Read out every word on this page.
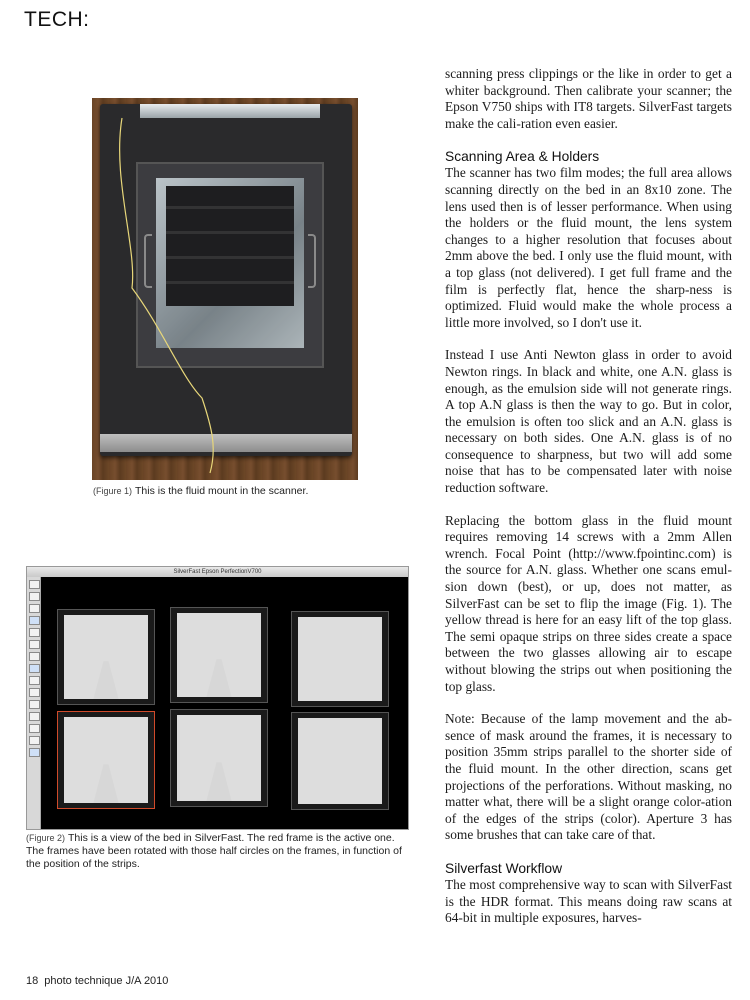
TECH:
(Figure 1) This is the fluid mount in the scanner.
SilverFast Epson PerfectionV700
(Figure 2) This is a view of the bed in SilverFast. The red frame is the active one. The frames have been rotated with those half circles on the frames, in function of the position of the strips.

scanning press clippings or the like in order to get a whiter background. Then calibrate your scanner; the Epson V750 ships with IT8 targets. SilverFast targets make the cali-ration even easier.

Scanning Area & Holders

The scanner has two film modes; the full area allows scanning directly on the bed in an 8x10 zone. The lens used then is of lesser performance. When using the holders or the fluid mount, the lens system changes to a higher resolution that focuses about 2mm above the bed. I only use the fluid mount, with a top glass (not delivered). I get full frame and the film is perfectly flat, hence the sharp-ness is optimized. Fluid would make the whole process a little more involved, so I don't use it.

Instead I use Anti Newton glass in order to avoid Newton rings. In black and white, one A.N. glass is enough, as the emulsion side will not generate rings. A top A.N glass is then the way to go. But in color, the emulsion is often too slick and an A.N. glass is necessary on both sides. One A.N. glass is of no consequence to sharpness, but two will add some noise that has to be compensated later with noise reduction software.

Replacing the bottom glass in the fluid mount requires removing 14 screws with a 2mm Allen wrench. Focal Point (http://www.fpointinc.com) is the source for A.N. glass. Whether one scans emul-sion down (best), or up, does not matter, as SilverFast can be set to flip the image (Fig. 1). The yellow thread is here for an easy lift of the top glass. The semi opaque strips on three sides create a space between the two glasses allowing air to escape without blowing the strips out when positioning the top glass.

Note: Because of the lamp movement and the ab-sence of mask around the frames, it is necessary to position 35mm strips parallel to the shorter side of the fluid mount. In the other direction, scans get projections of the perforations. Without masking, no matter what, there will be a slight orange color-ation of the edges of the strips (color). Aperture 3 has some brushes that can take care of that.

Silverfast Workflow

The most comprehensive way to scan with SilverFast is the HDR format. This means doing raw scans at 64-bit in multiple exposures, harves-

18 photo technique J/A 2010
